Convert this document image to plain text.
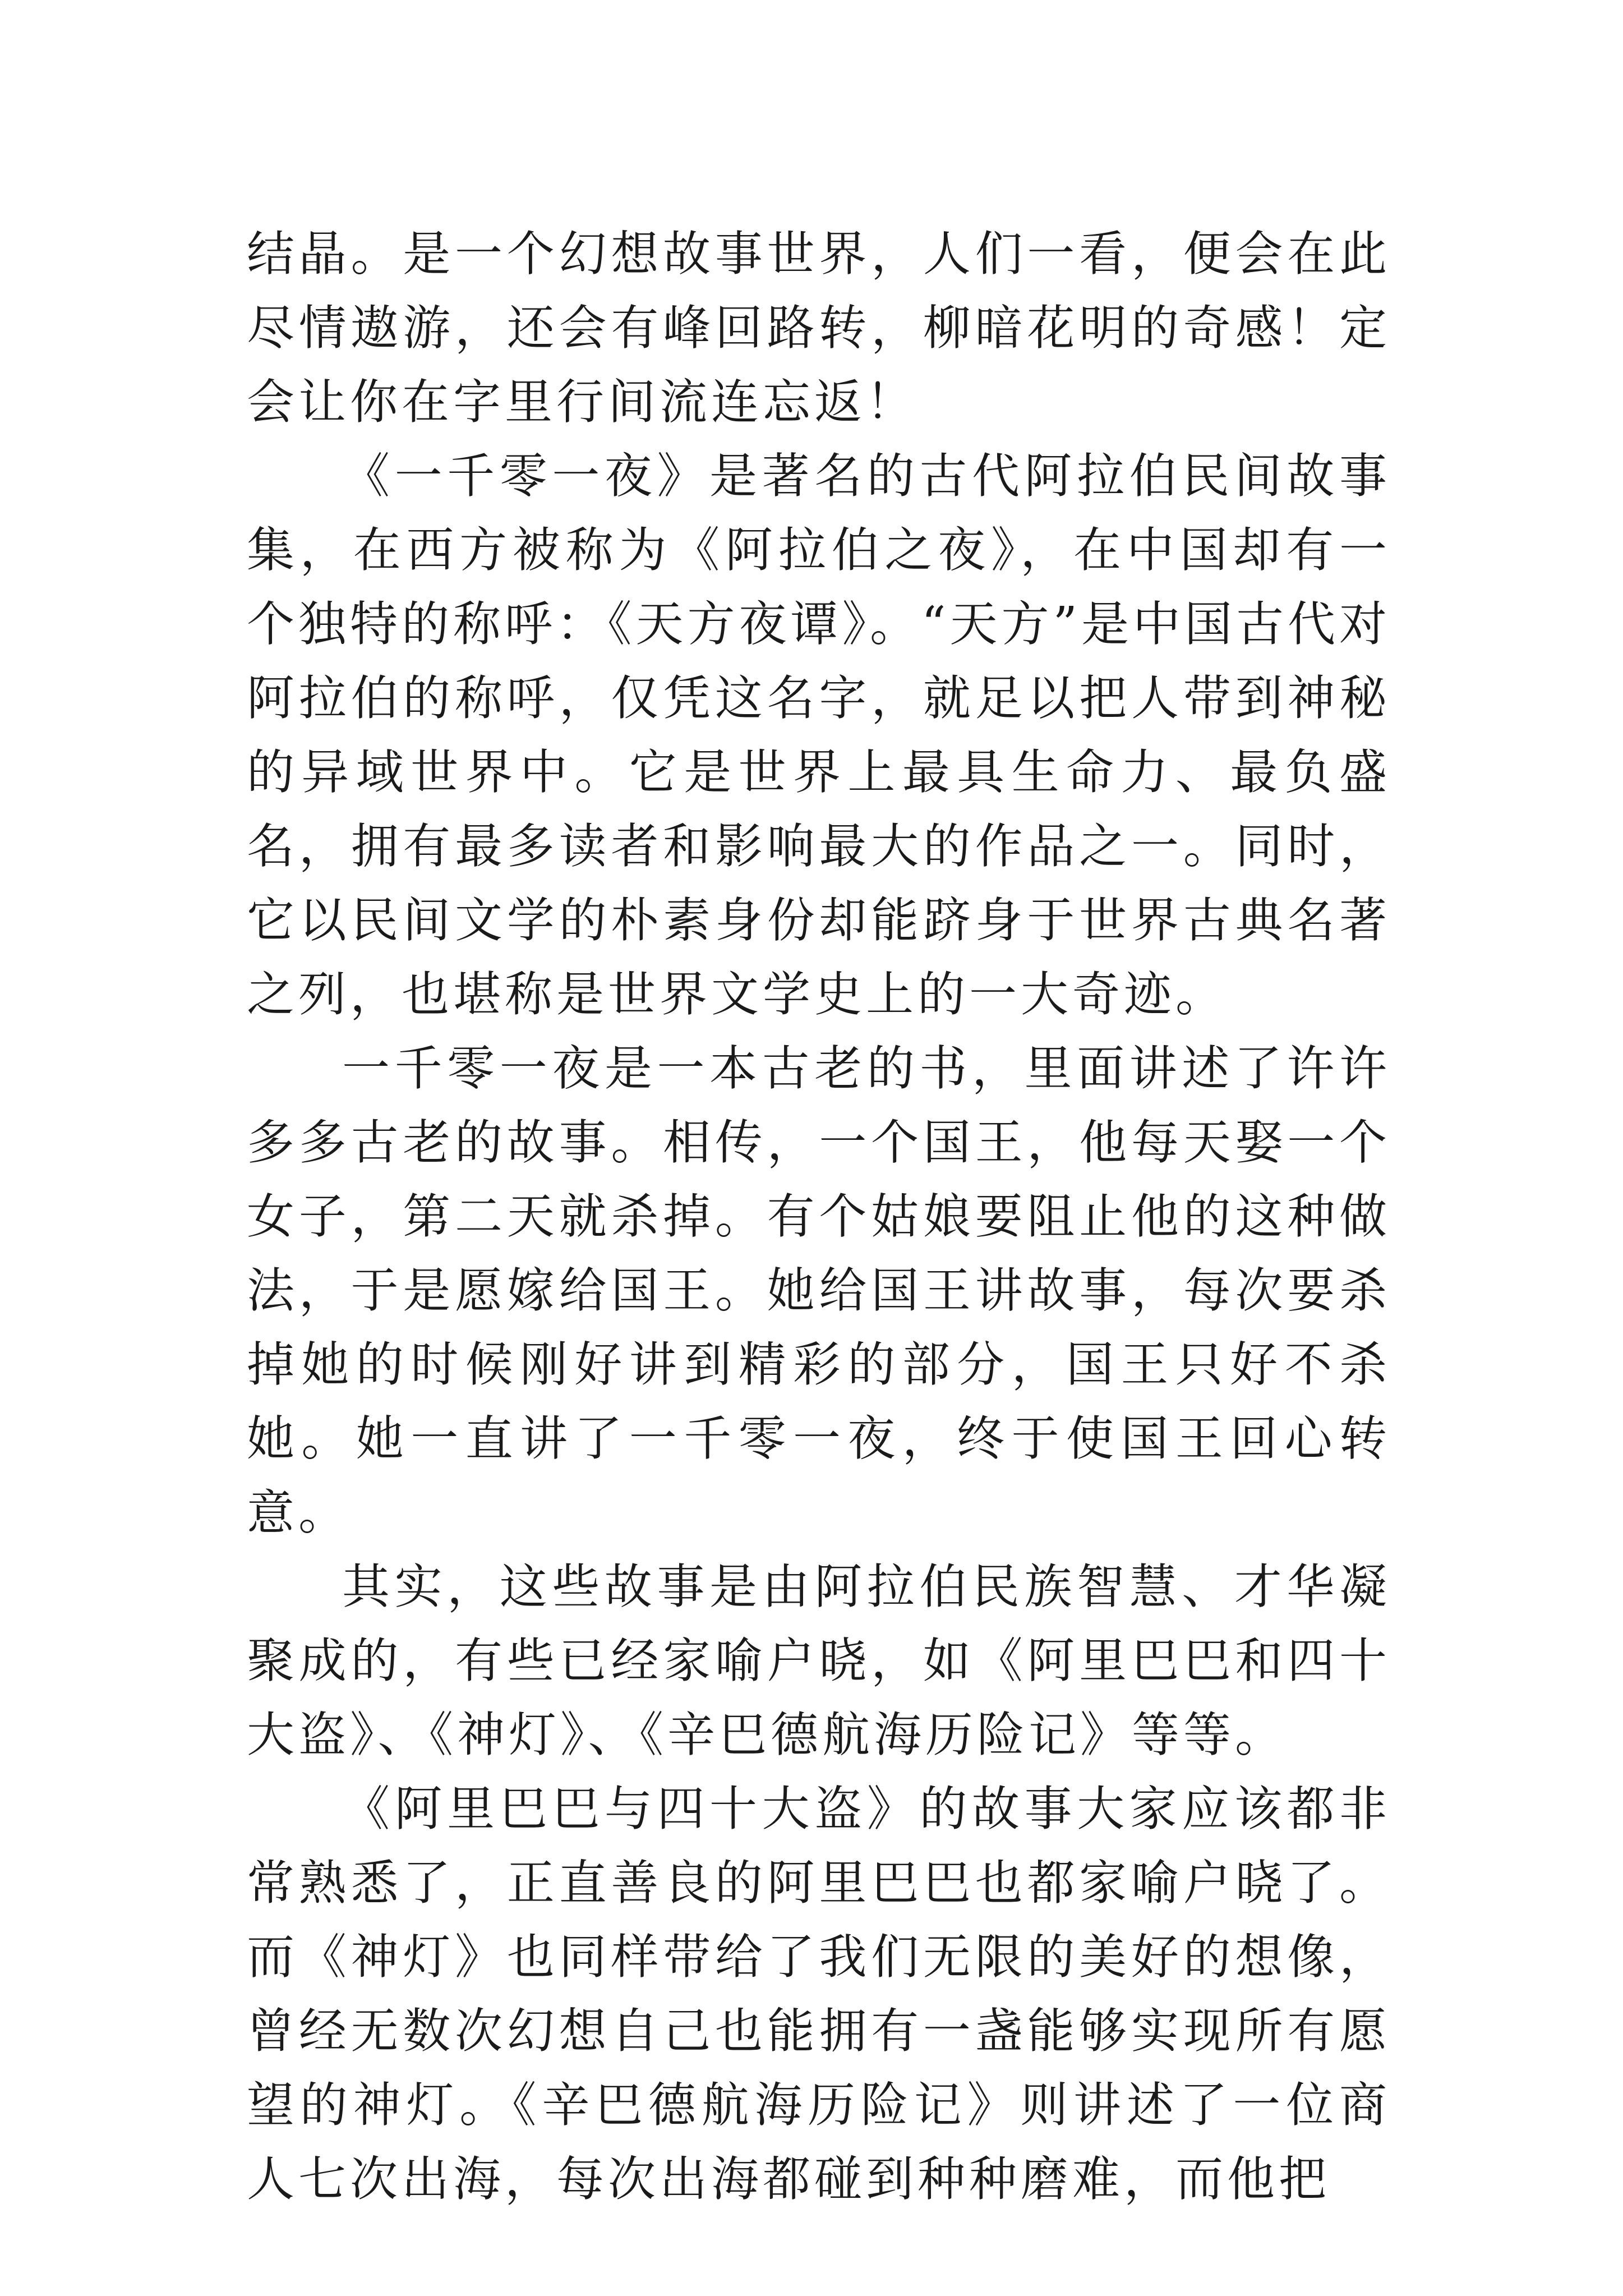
结晶。是一个幻想故事世界，人们一看，便会在此尽情遨游，还会有峰回路转，柳暗花明的奇感！定会让你在字里行间流连忘返！

《一千零一夜》是著名的古代阿拉伯民间故事集，在西方被称为《阿拉伯之夜》，在中国却有一个独特的称呼：《天方夜谭》。“天方”是中国古代对阿拉伯的称呼，仅凭这名字，就足以把人带到神秘的异域世界中。它是世界上最具生命力、最负盛名，拥有最多读者和影响最大的作品之一。同时，它以民间文学的朴素身份却能跻身于世界古典名著之列，也堪称是世界文学史上的一大奇迹。

一千零一夜是一本古老的书，里面讲述了许许多多古老的故事。相传，一个国王，他每天娶一个女子，第二天就杀掉。有个姑娘要阻止他的这种做法，于是愿嫁给国王。她给国王讲故事，每次要杀掉她的时候刚好讲到精彩的部分，国王只好不杀她。她一直讲了一千零一夜，终于使国王回心转意。

其实，这些故事是由阿拉伯民族智慧、才华凝聚成的，有些已经家喻户晓，如《阿里巴巴和四十大盗》、《神灯》、《辛巴德航海历险记》等等。

《阿里巴巴与四十大盗》的故事大家应该都非常熟悉了，正直善良的阿里巴巴也都家喻户晓了。而《神灯》也同样带给了我们无限的美好的想像，曾经无数次幻想自己也能拥有一盏能够实现所有愿望的神灯。《辛巴德航海历险记》则讲述了一位商人七次出海，每次出海都碰到种种磨难，而他把
